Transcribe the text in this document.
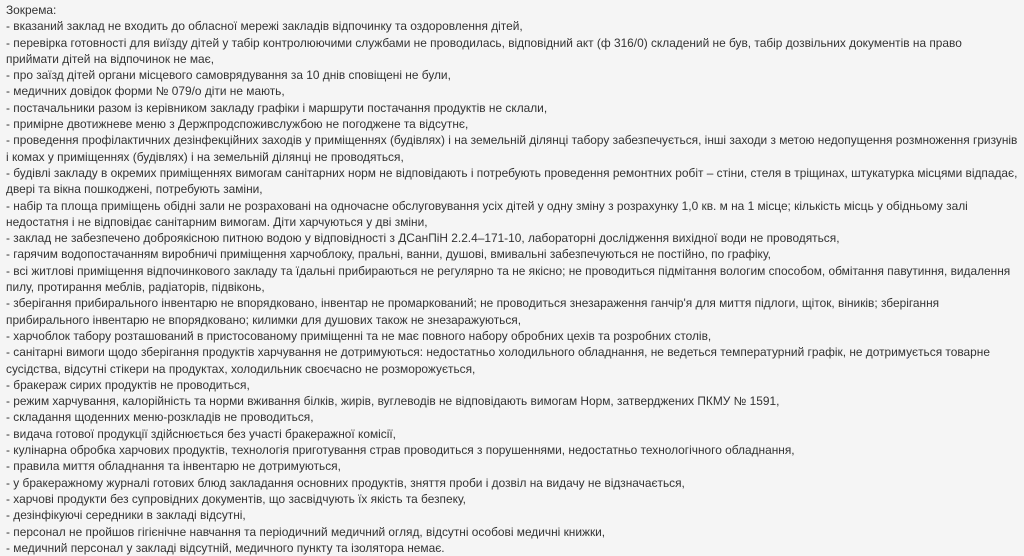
Зокрема:

- вказаний заклад не входить до обласної мережі закладів відпочинку та оздоровлення дітей,

- перевірка готовності для виїзду дітей у табір контролюючими службами не проводилась, відповідний акт (ф 316/0) складений не був, табір дозвільних документів на право приймати дітей на відпочинок не має,

- про заїзд дітей органи місцевого самоврядування за 10 днів сповіщені не були,

- медичних довідок форми № 079/о діти не мають,

- постачальники разом із керівником закладу графіки і маршрути постачання продуктів не склали,

- примірне двотижневе меню з Держпродспоживслужбою не погоджене та відсутнє,

- проведення профілактичних дезінфекційних заходів у приміщеннях (будівлях) і на земельній ділянці табору забезпечується, інші заходи з метою недопущення розмноження гризунів і комах у приміщеннях (будівлях) і на земельній ділянці не проводяться,

- будівлі закладу в окремих приміщеннях вимогам санітарних норм не відповідають і потребують проведення ремонтних робіт – стіни, стеля в тріщинах, штукатурка місцями відпадає, двері та вікна пошкоджені, потребують заміни,

- набір та площа приміщень обідні зали не розраховані на одночасне обслуговування усіх дітей у одну зміну з розрахунку 1,0 кв. м на 1 місце; кількість місць у обідньому залі недостатня і не відповідає санітарним вимогам. Діти харчуються у дві зміни,

- заклад не забезпечено доброякісною питною водою у відповідності з ДСанПіН 2.2.4–171-10, лабораторні дослідження вихідної води не проводяться,

- гарячим водопостачанням виробничі приміщення харчоблоку, пральні, ванни, душові, вмивальні забезпечуються не постійно, по графіку,

- всі житлові приміщення відпочинкового закладу та їдальні прибираються не регулярно та не якісно; не проводиться підмітання вологим способом, обмітання павутиння, видалення пилу, протирання меблів, радіаторів, підвіконь,

- зберігання прибирального інвентарю не впорядковано, інвентар не промаркований; не проводиться знезараження ганчір'я для миття підлоги, щіток, віників; зберігання прибирального інвентарю не впорядковано; килимки для душових також не знезаражуються,

- харчоблок табору розташований в пристосованому приміщенні та не має повного набору обробних цехів та розробних столів,

- санітарні вимоги щодо зберігання продуктів харчування не дотримуються: недостатньо холодильного обладнання, не ведеться температурний графік, не дотримується товарне сусідства, відсутні стікери на продуктах, холодильник своєчасно не розморожується,

- бракераж сирих продуктів не проводиться,

- режим харчування, калорійність та норми вживання білків, жирів, вуглеводів не відповідають вимогам Норм, затверджених ПКМУ № 1591,

- складання щоденних меню-розкладів не проводиться,

- видача готової продукції здійснюється без участі бракеражної комісії,

- кулінарна обробка харчових продуктів, технологія приготування страв проводиться з порушеннями, недостатньо технологічного обладнання,

- правила миття обладнання та інвентарю не дотримуються,

- у бракеражному журналі готових блюд закладання основних продуктів, зняття проби і дозвіл на видачу не відзначається,

- харчові продукти без супровідних документів, що засвідчують їх якість та безпеку,

- дезінфікуючі середники в закладі відсутні,

- персонал не пройшов гігієнічне навчання та періодичний медичний огляд, відсутні особові медичні книжки,

- медичний персонал у закладі відсутній, медичного пункту та ізолятора немає.
